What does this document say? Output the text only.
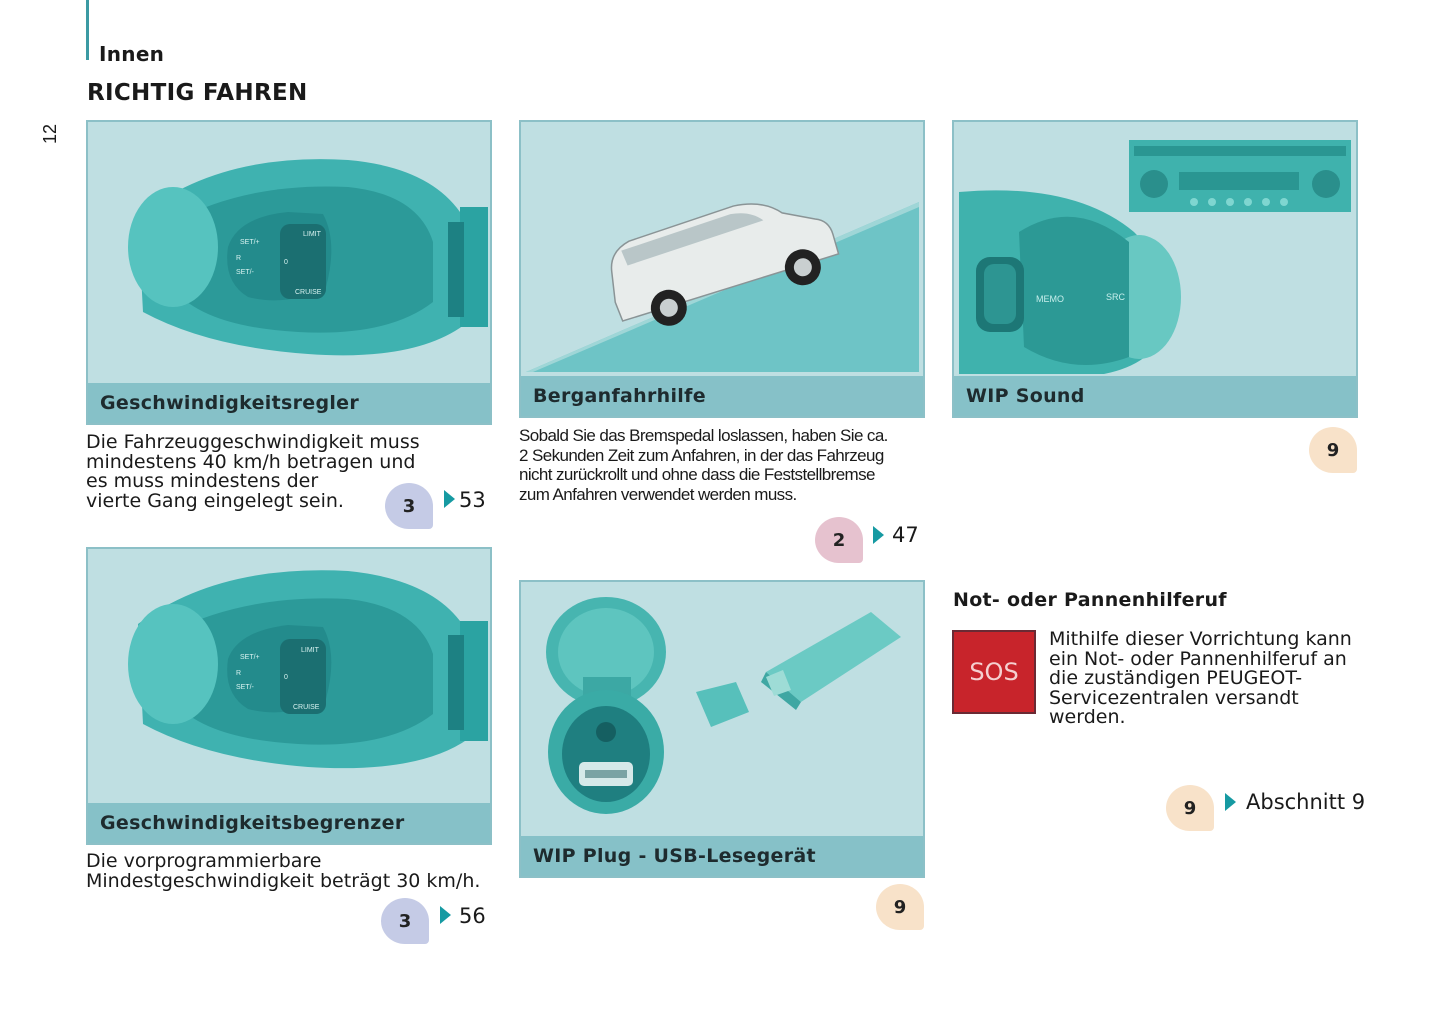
Innen
RICHTIG FAHREN
12
LIMIT
CRUISE
SET/+
R
SET/-
0
Geschwindigkeitsregler
Die Fahrzeuggeschwindigkeit muss
mindestens 40 km/h betragen und
es muss mindestens der
vierte Gang eingelegt sein.	3	53
LIMIT
CRUISE
SET/+
R
SET/-
0
Geschwindigkeitsbegrenzer
Die vorprogrammierbare
Mindestgeschwindigkeit beträgt 30 km/h.
3	56
Berganfahrhilfe
Sobald Sie das Bremspedal loslassen, haben Sie ca.
2 Sekunden Zeit zum Anfahren, in der das Fahrzeug
nicht zurückrollt und ohne dass die Feststellbremse
zum Anfahren verwendet werden muss.
2	47
WIP Plug - USB-Lesegerät
9
MEMO	SRC
WIP Sound
9
Not- oder Pannenhilferuf
SOS
Mithilfe dieser Vorrichtung kann
ein Not- oder Pannenhilferuf an
die zuständigen PEUGEOT-
Servicezentralen versandt
werden.
9	Abschnitt 9
